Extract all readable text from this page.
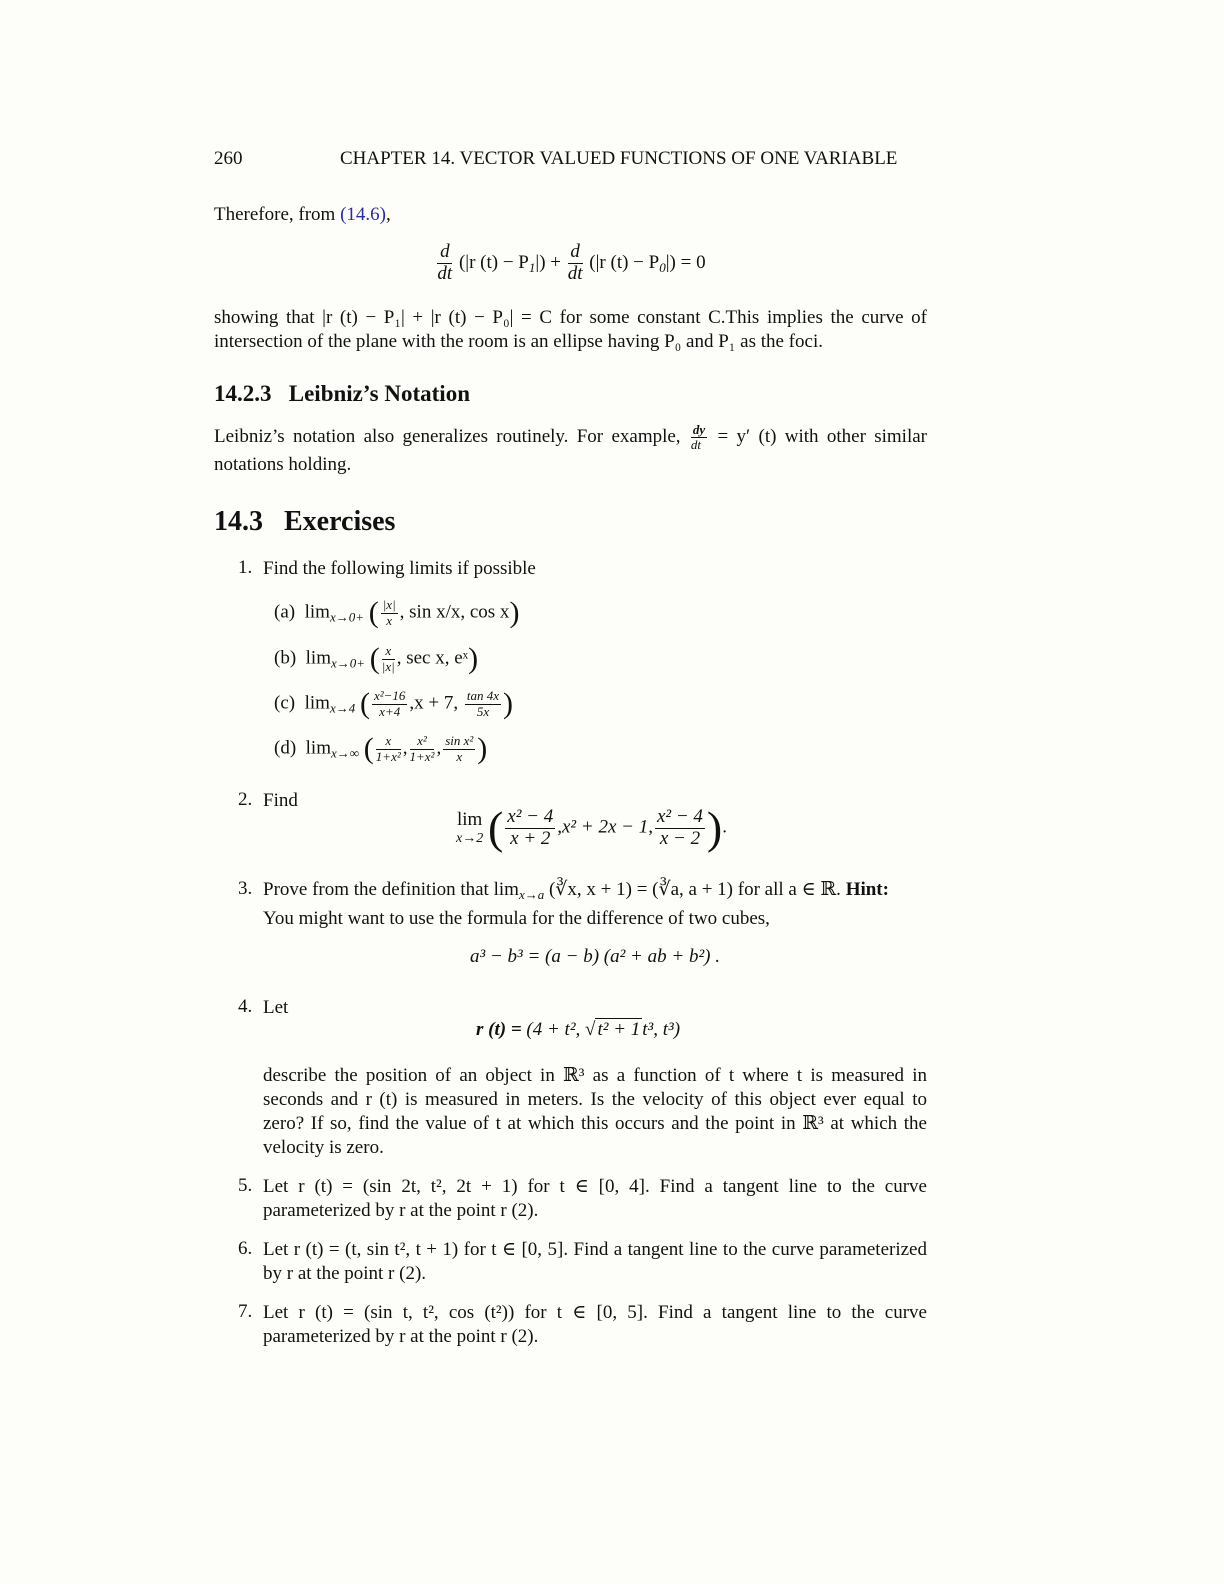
260	CHAPTER 14. VECTOR VALUED FUNCTIONS OF ONE VARIABLE
Therefore, from (14.6),
$\frac{d}{dt} (|r$ $(t) - P_1|) + \frac{d}{dt} (|r$ $(t) - P_0|) = 0$
showing that |r (t) − P₁| + |r (t) − P₀| = C for some constant C.This implies the curve of
intersection of the plane with the room is an ellipse having P₀ and P₁ as the foci.
14.2.3 Leibniz’s Notation
Leibniz’s notation also generalizes routinely. For example, $\frac{dy}{dt} = y'$ (t) with other similar
notations holding.
14.3 Exercises
1. Find the following limits if possible
(a) $\lim_{x\to 0+}$ ( $\frac{|x|}{x}$ , sin x/x, cos x)
(b) $\lim_{x\to 0+}$ ( $\frac{x}{|x|}$ , sec x, eˣ)
(c) $\lim_{x\to 4}$ ( $\frac{\text{x²−16}}{x+4} ,x + 7$, $\frac{\tan 4x}{5x}$ )
(d) $\lim_{x\to\infty}$ ( $\frac{x}{\text{1+x²}}$ , $\frac{\text{x²}}{\text{1+x²}}$ , $\frac{\text{sin x²}}{x}$ )
2. Find
lim
x→2 ( $\frac{\text{x² − 4}}{x + 2} ,x^2 + 2x - 1$, $\frac{\text{x² − 4}}{x - 2}$ ).
3. Prove from the definition that $\lim_{x\to a}$ (∛x, x + 1) = (∛a, a + 1) for all a ∈ ℝ. Hint:
You might want to use the formula for the difference of two cubes,
a³ − b³ = (a − b) (a² + ab + b²) .
4. Let
r (t) = (4 + t², √ t² + 1 t³, t³)
describe the position of an object in ℝ³ as a function of t where t is measured in seconds and r (t) is measured in meters. Is the velocity of this object ever equal to zero? If so, find the value of t at which this occurs and the point in ℝ³ at which the velocity is zero.
5. Let r (t) = (sin 2t, t², 2t + 1) for t ∈ [0, 4]. Find a tangent line to the curve parameterized by r at the point r (2).
6. Let r (t) = (t, sin t², t + 1) for t ∈ [0, 5]. Find a tangent line to the curve parameterized by r at the point r (2).
7. Let r (t) = (sin t, t², cos (t²)) for t ∈ [0, 5]. Find a tangent line to the curve parameterized by r at the point r (2).
